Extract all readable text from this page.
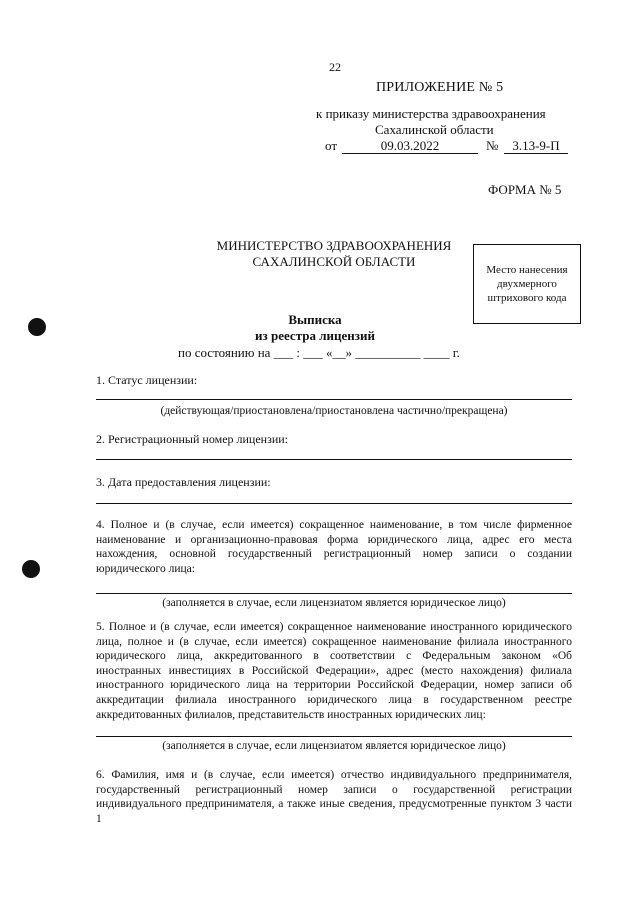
22
ПРИЛОЖЕНИЕ № 5
к приказу министерства здравоохранения
Сахалинской области
от	09.03.2022	№	3.13-9-П
ФОРМА № 5
МИНИСТЕРСТВО ЗДРАВООХРАНЕНИЯ
САХАЛИНСКОЙ ОБЛАСТИ
Место нанесения двухмерного штрихового кода
Выписка
из реестра лицензий
по состоянию на ___ : ___ «__» __________ ____ г.
1. Статус лицензии:
(действующая/приостановлена/приостановлена частично/прекращена)
2. Регистрационный номер лицензии:
3. Дата предоставления лицензии:
4. Полное и (в случае, если имеется) сокращенное наименование, в том числе фирменное наименование и организационно-правовая форма юридического лица, адрес его места нахождения, основной государственный регистрационный номер записи о создании юридического лица:
(заполняется в случае, если лицензиатом является юридическое лицо)
5. Полное и (в случае, если имеется) сокращенное наименование иностранного юридического лица, полное и (в случае, если имеется) сокращенное наименование филиала иностранного юридического лица, аккредитованного в соответствии с Федеральным законом «Об иностранных инвестициях в Российской Федерации», адрес (место нахождения) филиала иностранного юридического лица на территории Российской Федерации, номер записи об аккредитации филиала иностранного юридического лица в государственном реестре аккредитованных филиалов, представительств иностранных юридических лиц:
(заполняется в случае, если лицензиатом является юридическое лицо)
6. Фамилия, имя и (в случае, если имеется) отчество индивидуального предпринимателя, государственный регистрационный номер записи о государственной регистрации индивидуального предпринимателя, а также иные сведения, предусмотренные пунктом 3 части 1
